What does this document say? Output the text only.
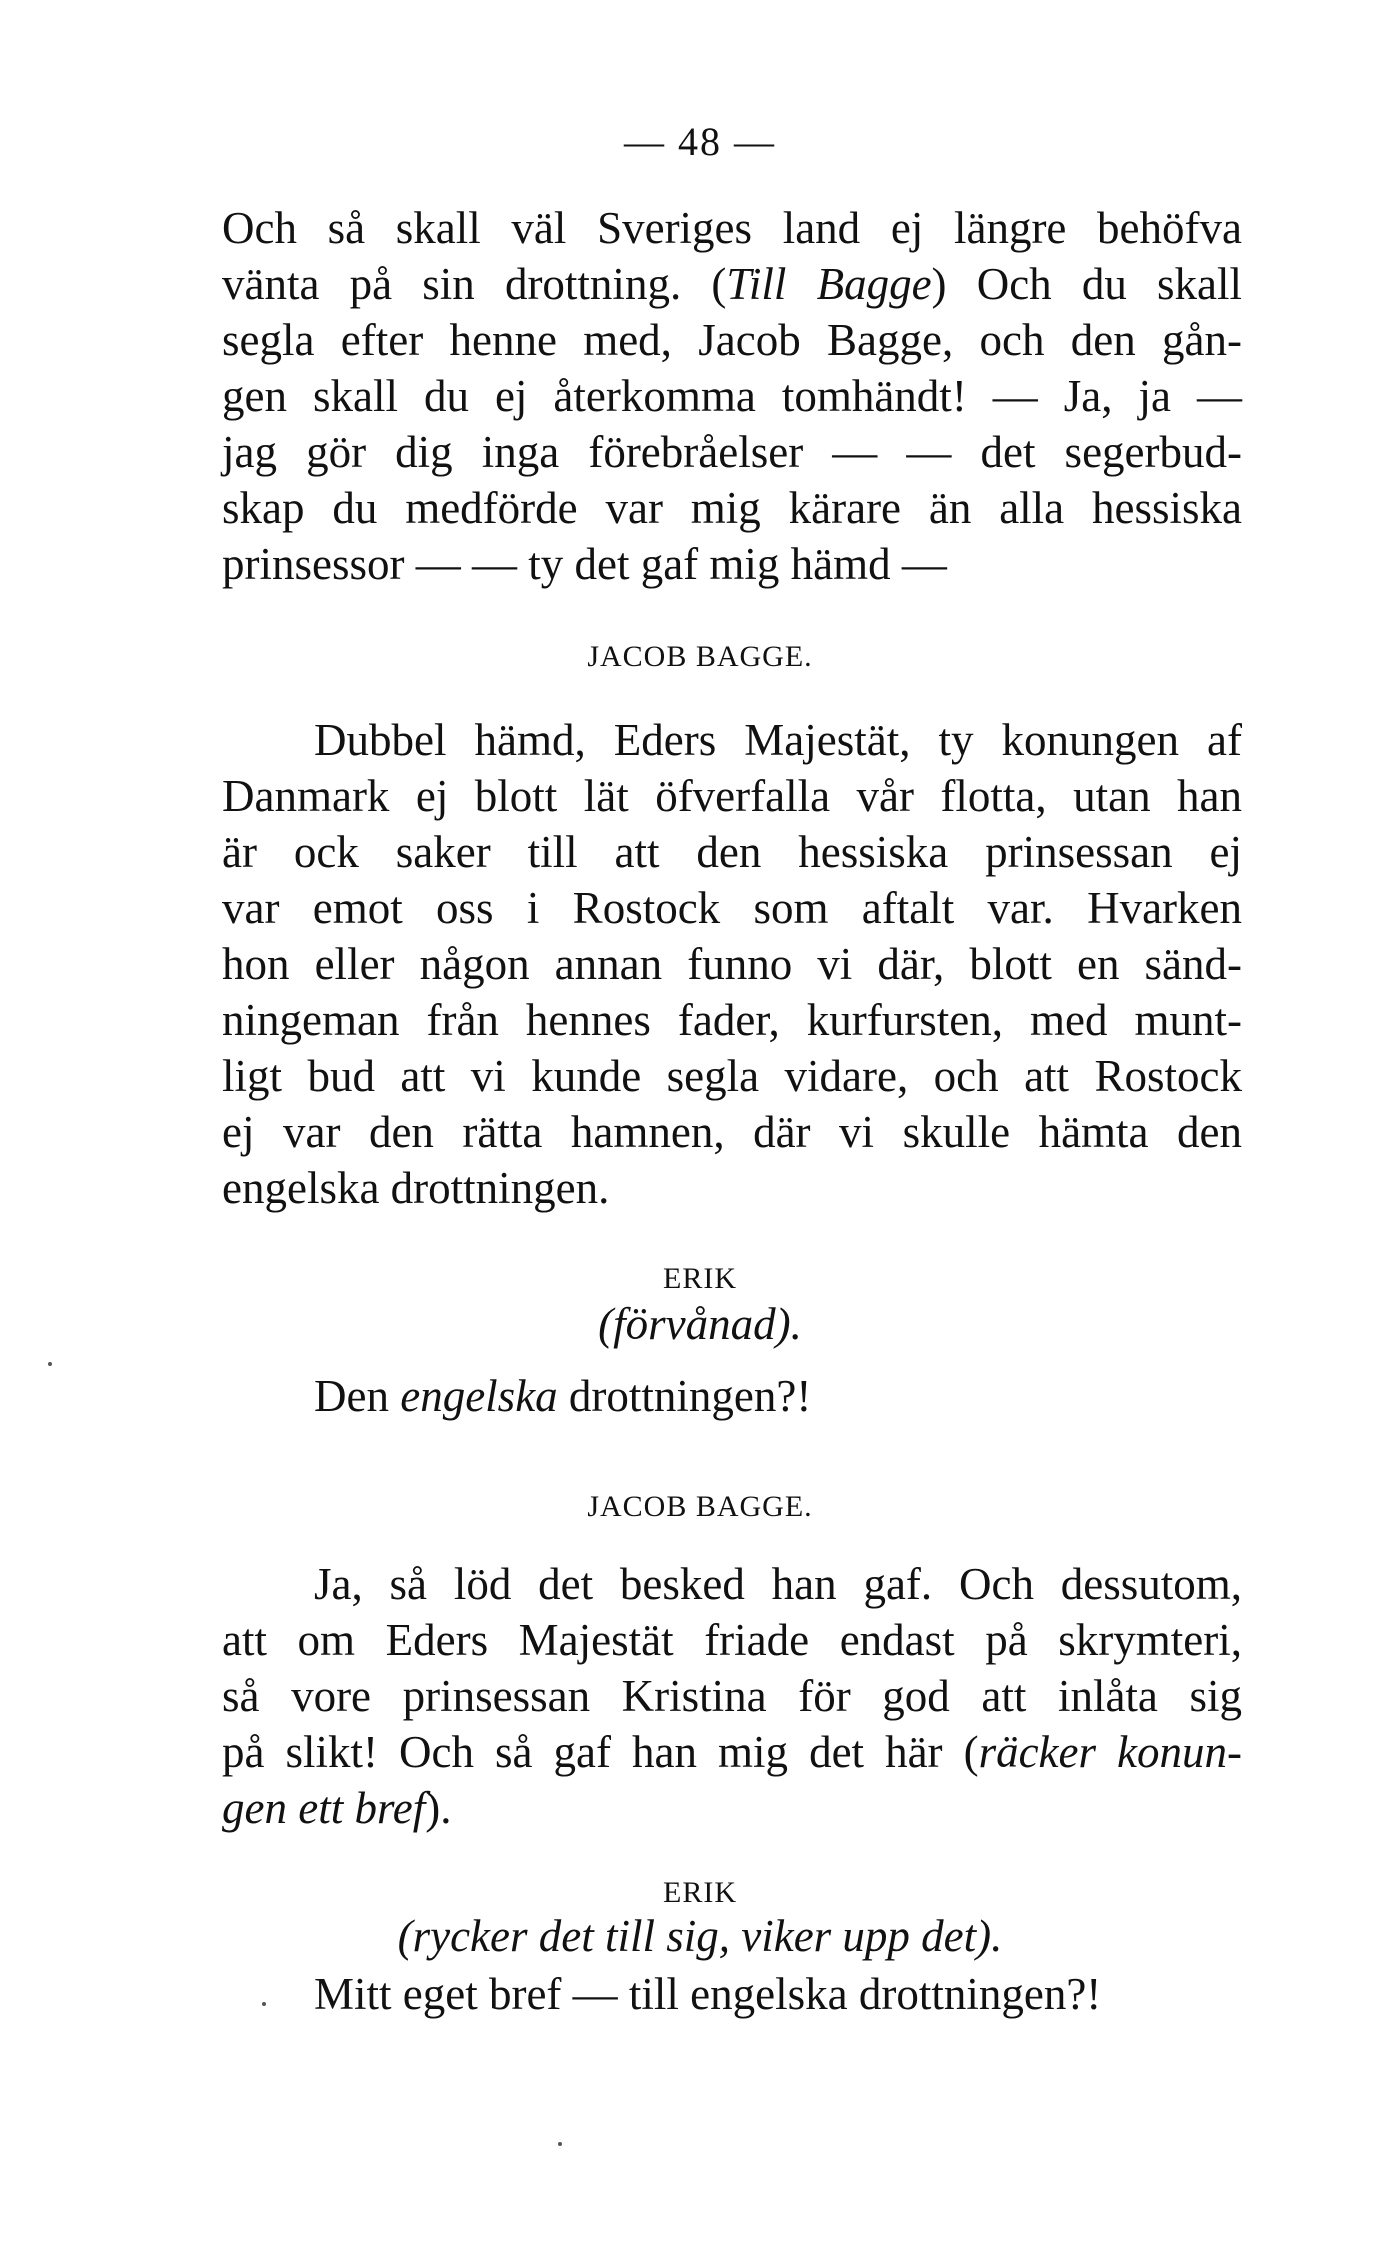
— 48 —
Och så skall väl Sveriges land ej längre behöfva
vänta på sin drottning. (Till Bagge) Och du skall
segla efter henne med, Jacob Bagge, och den gån-
gen skall du ej återkomma tomhändt! — Ja, ja —
jag gör dig inga förebråelser — — det segerbud-
skap du medförde var mig kärare än alla hessiska
prinsessor — — ty det gaf mig hämd —
JACOB BAGGE.
Dubbel hämd, Eders Majestät, ty konungen af
Danmark ej blott lät öfverfalla vår flotta, utan han
är ock saker till att den hessiska prinsessan ej
var emot oss i Rostock som aftalt var. Hvarken
hon eller någon annan funno vi där, blott en sänd-
ningeman från hennes fader, kurfursten, med munt-
ligt bud att vi kunde segla vidare, och att Rostock
ej var den rätta hamnen, där vi skulle hämta den
engelska drottningen.
ERIK
(förvånad).
Den engelska drottningen?!
JACOB BAGGE.
Ja, så löd det besked han gaf. Och dessutom,
att om Eders Majestät friade endast på skrymteri,
så vore prinsessan Kristina för god att inlåta sig
på slikt! Och så gaf han mig det här (räcker konun-
gen ett bref).
ERIK
(rycker det till sig, viker upp det).
Mitt eget bref — till engelska drottningen?!
